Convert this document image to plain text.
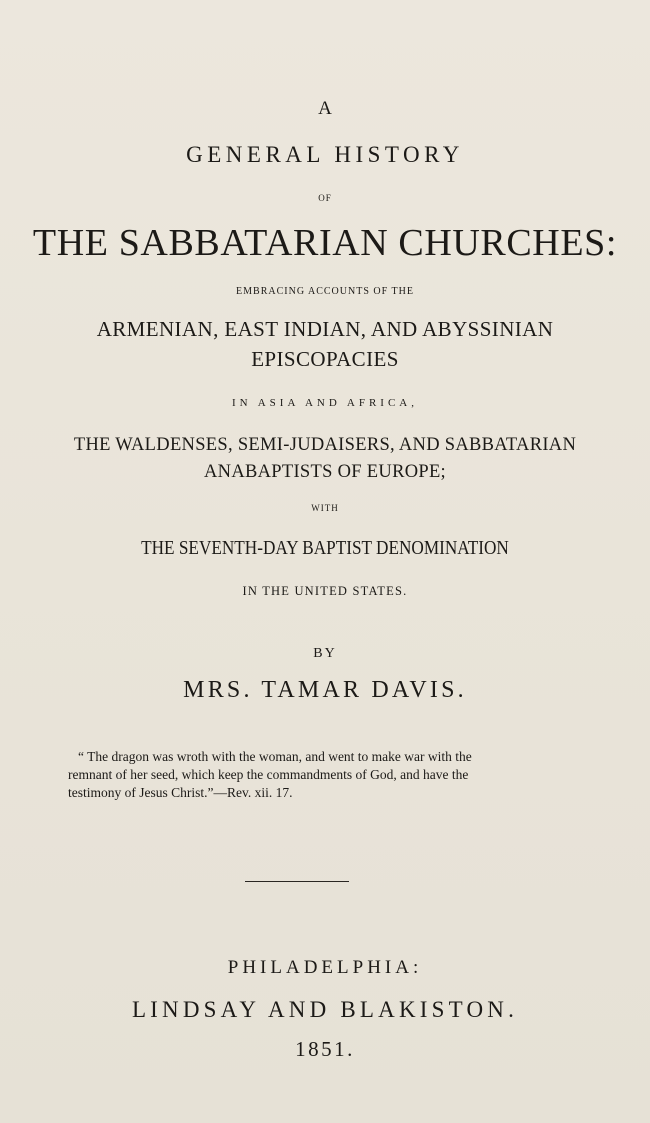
A

GENERAL HISTORY

OF

THE SABBATARIAN CHURCHES:

EMBRACING ACCOUNTS OF THE

ARMENIAN, EAST INDIAN, AND ABYSSINIAN

EPISCOPACIES

IN ASIA AND AFRICA,

THE WALDENSES, SEMI-JUDAISERS, AND SABBATARIAN

ANABAPTISTS OF EUROPE;

WITH

THE SEVENTH-DAY BAPTIST DENOMINATION

IN THE UNITED STATES.

BY

MRS. TAMAR DAVIS.

“ The dragon was wroth with the woman, and went to make war with the
remnant of her seed, which keep the commandments of God, and have the
testimony of Jesus Christ.”—Rev. xii. 17.

PHILADELPHIA:

LINDSAY AND BLAKISTON.

1851.
